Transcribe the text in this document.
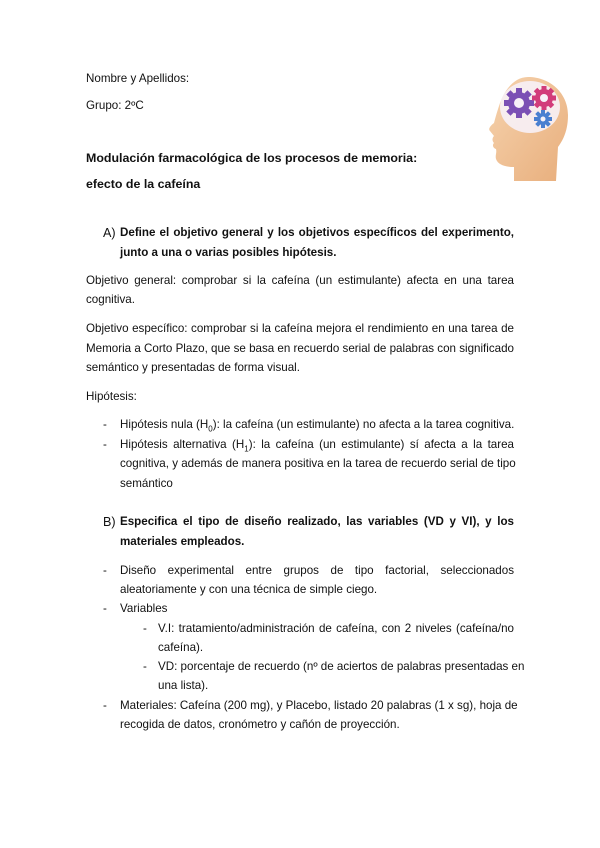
Nombre y Apellidos:
Grupo: 2ºC
Modulación farmacológica de los procesos de memoria:
efecto de la cafeína
A) Define el objetivo general y los objetivos específicos del experimento,
junto a una o varias posibles hipótesis.
Objetivo general: comprobar si la cafeína (un estimulante) afecta en una tarea
cognitiva.
Objetivo específico: comprobar si la cafeína mejora el rendimiento en una tarea de
Memoria a Corto Plazo, que se basa en recuerdo serial de palabras con significado
semántico y presentadas de forma visual.
Hipótesis:
- Hipótesis nula $(H_0)$: la cafeína (un estimulante) no afecta a la tarea cognitiva.
- Hipótesis alternativa $(H_1)$: la cafeína (un estimulante) sí afecta a la tarea
cognitiva, y además de manera positiva en la tarea de recuerdo serial de tipo
semántico
B) Especifica el tipo de diseño realizado, las variables (VD y VI), y los
materiales empleados.
- Diseño experimental entre grupos de tipo factorial, seleccionados
aleatoriamente y con una técnica de simple ciego.
- Variables
- V.I: tratamiento/administración de cafeína, con 2 niveles (cafeína/no
cafeína).
- VD: porcentaje de recuerdo (nº de aciertos de palabras presentadas en
una lista).
- Materiales: Cafeína (200 mg), y Placebo, listado 20 palabras (1 x sg), hoja de
recogida de datos, cronómetro y cañón de proyección.
